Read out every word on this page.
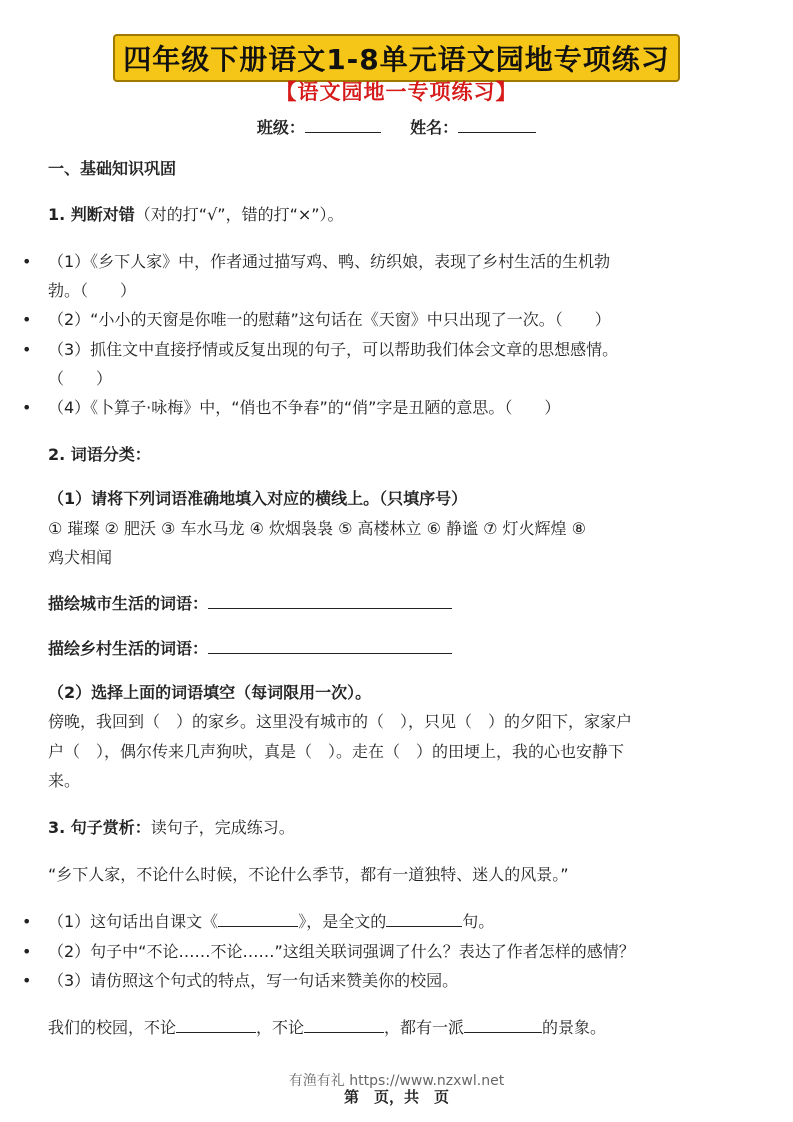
四年级下册语文1-8单元语文园地专项练习
【语文园地一专项练习】
班级：	姓名：
一、基础知识巩固
1. 判断对错（对的打“√”，错的打“×”）。
• （1）《乡下人家》中，作者通过描写鸡、鸭、纺织娘，表现了乡村生活的生机勃
勃。（　　）
• （2）“小小的天窗是你唯一的慰藉”这句话在《天窗》中只出现了一次。（　　）
• （3）抓住文中直接抒情或反复出现的句子，可以帮助我们体会文章的思想感情。
（　　）
• （4）《卜算子·咏梅》中，“俏也不争春”的“俏”字是丑陋的意思。（　　）
2. 词语分类：
（1）请将下列词语准确地填入对应的横线上。（只填序号）
① 璀璨 ② 肥沃 ③ 车水马龙 ④ 炊烟袅袅 ⑤ 高楼林立 ⑥ 静谧 ⑦ 灯火辉煌 ⑧
鸡犬相闻
描绘城市生活的词语：
描绘乡村生活的词语：
（2）选择上面的词语填空（每词限用一次）。
傍晚，我回到（　）的家乡。这里没有城市的（　），只见（　）的夕阳下，家家户
户（　），偶尔传来几声狗吠，真是（　）。走在（　）的田埂上，我的心也安静下
来。
3. 句子赏析：读句子，完成练习。
“乡下人家，不论什么时候，不论什么季节，都有一道独特、迷人的风景。”
• （1）这句话出自课文《	》，是全文的	句。
• （2）句子中“不论……不论……”这组关联词强调了什么？表达了作者怎样的感情？
• （3）请仿照这个句式的特点，写一句话来赞美你的校园。
我们的校园，不论	，不论	，都有一派	的景象。
有渔有礼 https://www.nzxwl.net
第　页，共　页
